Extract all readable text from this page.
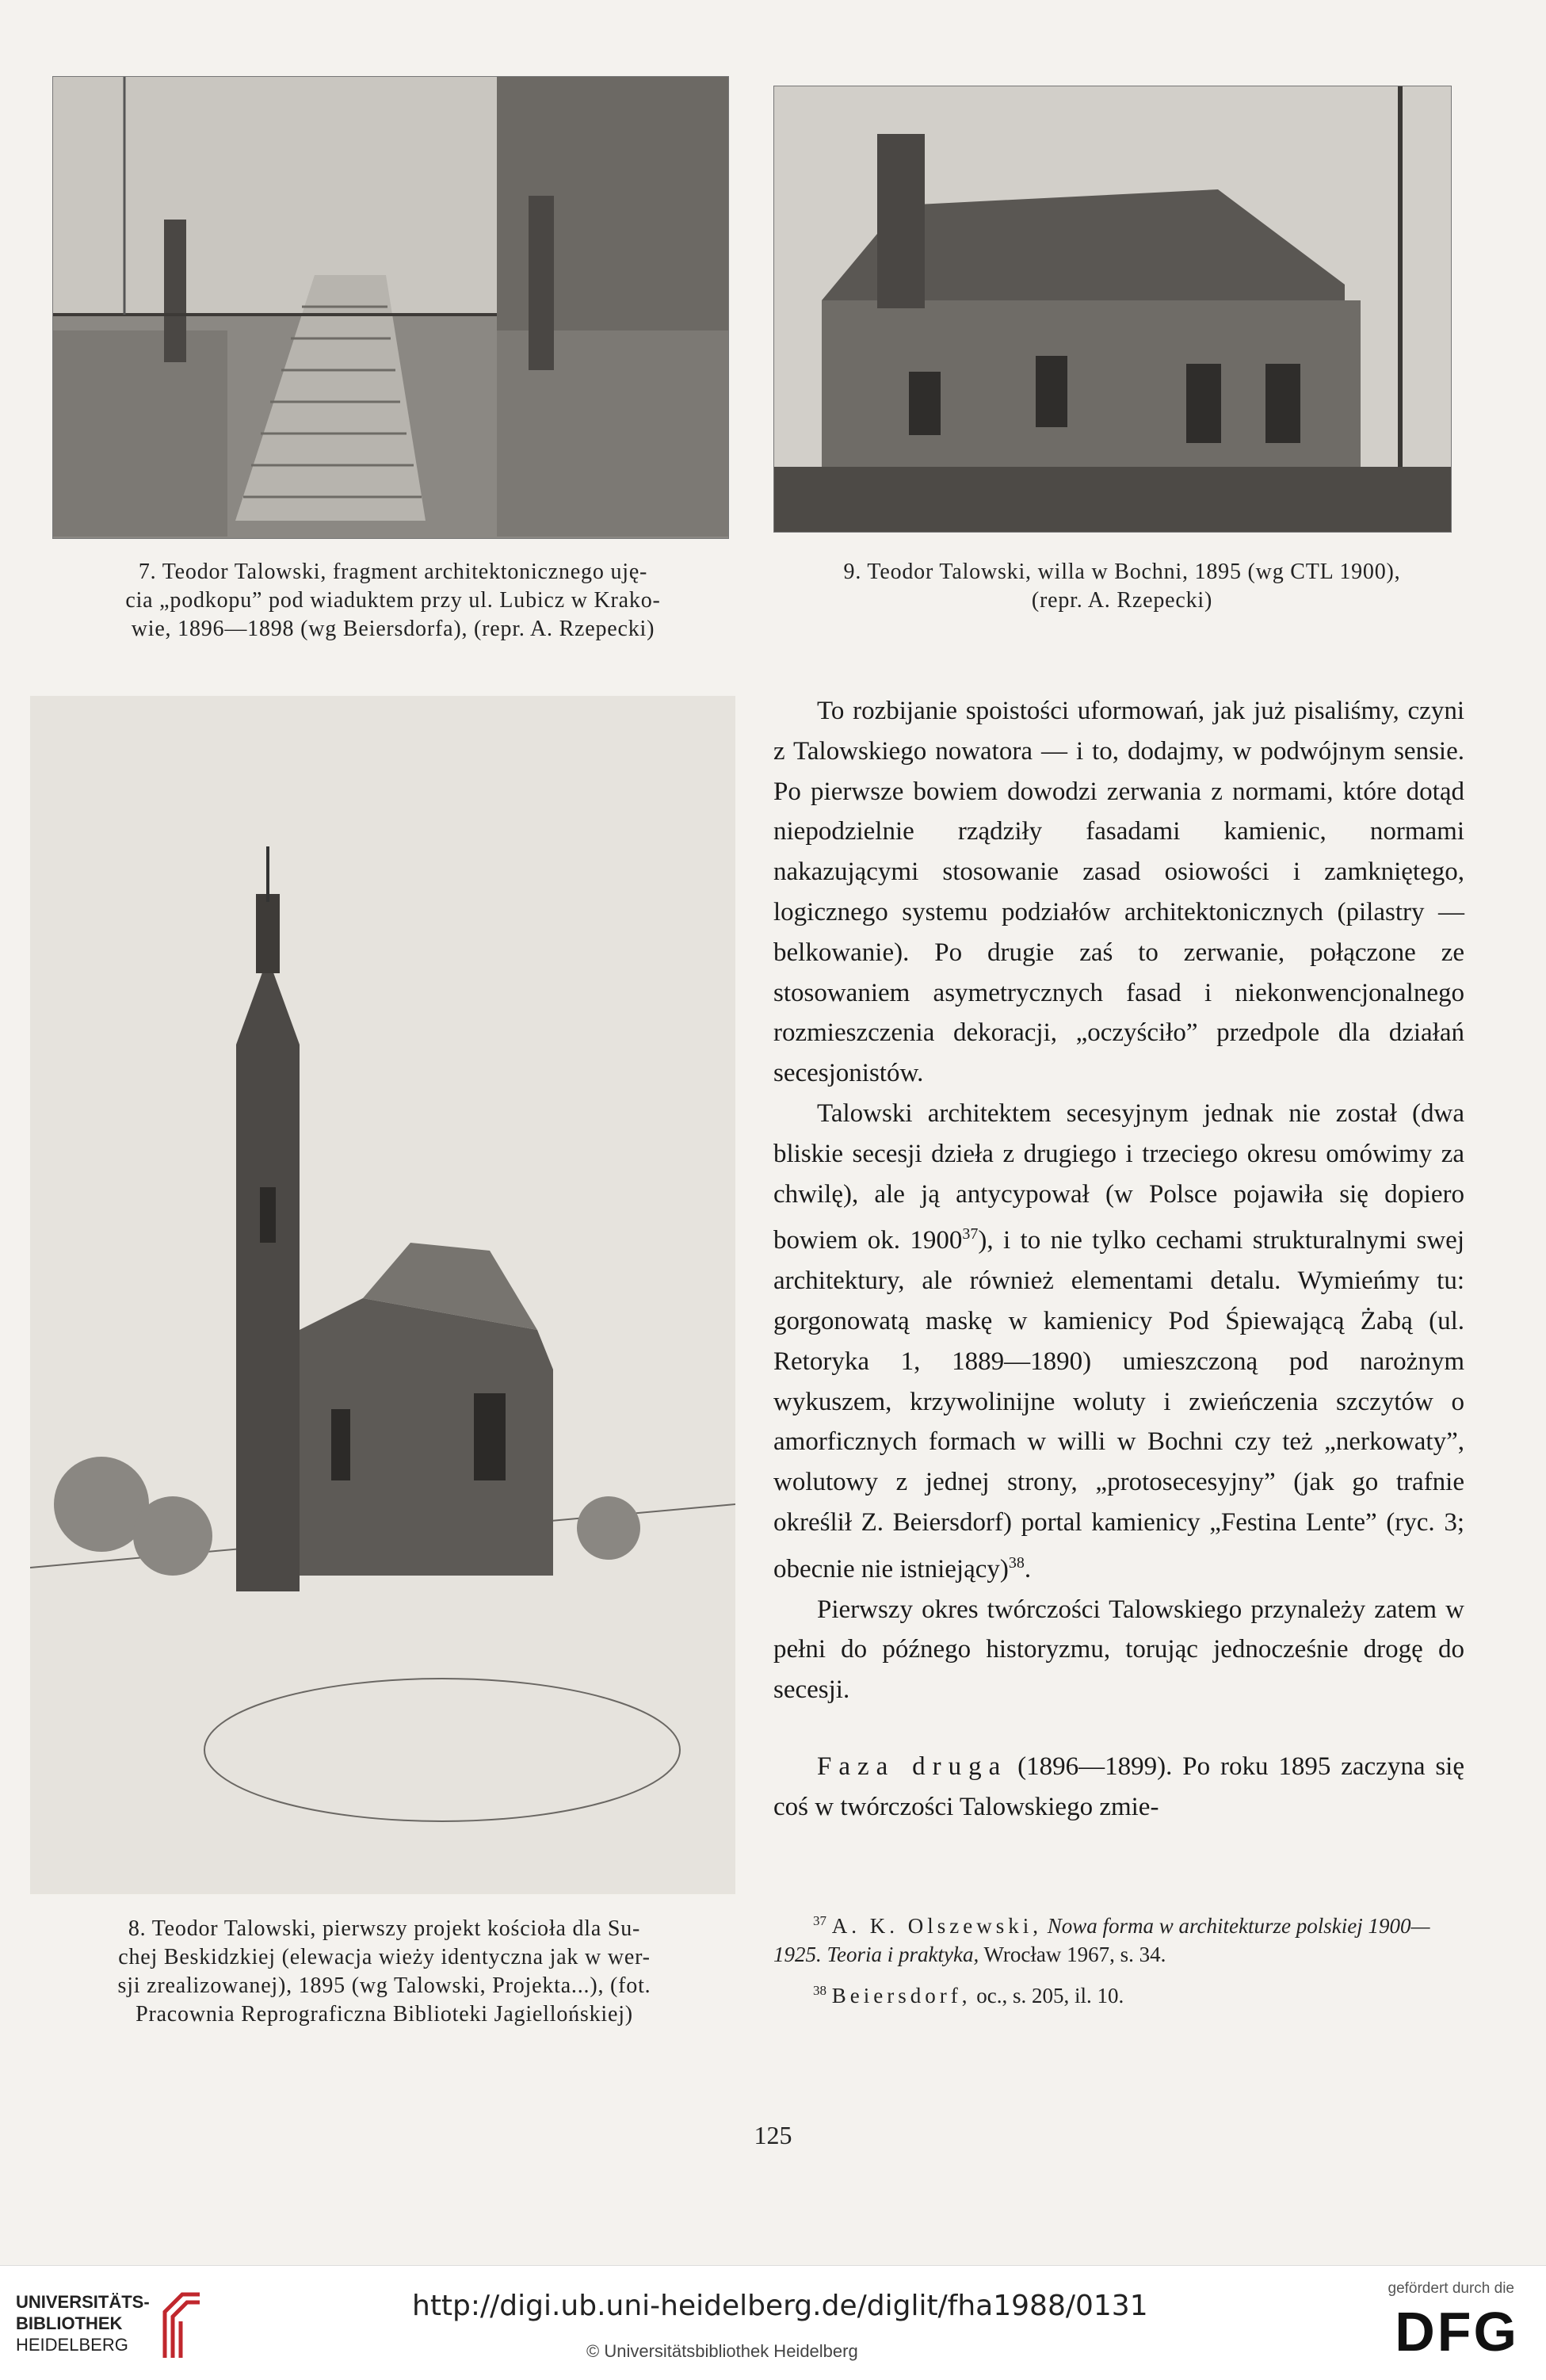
7. Teodor Talowski, fragment architektonicznego uję-
cia „podkopu” pod wiaduktem przy ul. Lubicz w Krako-
wie, 1896—1898 (wg Beiersdorfa), (repr. A. Rzepecki)
9. Teodor Talowski, willa w Bochni, 1895 (wg CTL 1900),
(repr. A. Rzepecki)
8. Teodor Talowski, pierwszy projekt kościoła dla Su-
chej Beskidzkiej (elewacja wieży identyczna jak w wer-
sji zrealizowanej), 1895 (wg Talowski, Projekta...), (fot.
Pracownia Reprograficzna Biblioteki Jagiellońskiej)

To rozbijanie spoistości uformowań, jak już pisaliśmy, czyni z Talowskiego nowatora — i to, dodajmy, w podwójnym sensie. Po pierwsze bowiem dowodzi zerwania z normami, które dotąd niepodzielnie rządziły fasadami kamienic, normami nakazującymi stosowanie zasad osiowości i zamkniętego, logicznego systemu podziałów architektonicznych (pilastry — belkowanie). Po drugie zaś to zerwanie, połączone ze stosowaniem asymetrycznych fasad i niekonwencjonalnego rozmieszczenia dekoracji, „oczyściło” przedpole dla działań secesjonistów.

Talowski architektem secesyjnym jednak nie został (dwa bliskie secesji dzieła z drugiego i trzeciego okresu omówimy za chwilę), ale ją antycypował (w Polsce pojawiła się dopiero bowiem ok. 1900$^{37}$), i to nie tylko cechami strukturalnymi swej architektury, ale również elementami detalu. Wymieńmy tu: gorgonowatą maskę w kamienicy Pod Śpiewającą Żabą (ul. Retoryka 1, 1889—1890) umieszczoną pod narożnym wykuszem, krzywolinijne woluty i zwieńczenia szczytów o amorficznych formach w willi w Bochni czy też „nerkowaty”, wolutowy z jednej strony, „protosecesyjny” (jak go trafnie określił Z. Beiersdorf) portal kamienicy „Festina Lente” (ryc. 3; obecnie nie istniejący)$^{38}$.

Pierwszy okres twórczości Talowskiego przynależy zatem w pełni do późnego historyzmu, torując jednocześnie drogę do secesji.

Faza druga (1896—1899). Po roku 1895 zaczyna się coś w twórczości Talowskiego zmie-

$^{37}$ A. K. Olszewski, Nowa forma w architekturze polskiej 1900—1925. Teoria i praktyka, Wrocław 1967, s. 34.

$^{38}$ Beiersdorf, oc., s. 205, il. 10.

125
UNIVERSITÄTS-
BIBLIOTHEK
HEIDELBERG
http://digi.ub.uni-heidelberg.de/diglit/fha1988/0131
© Universitätsbibliothek Heidelberg
gefördert durch die
DFG
